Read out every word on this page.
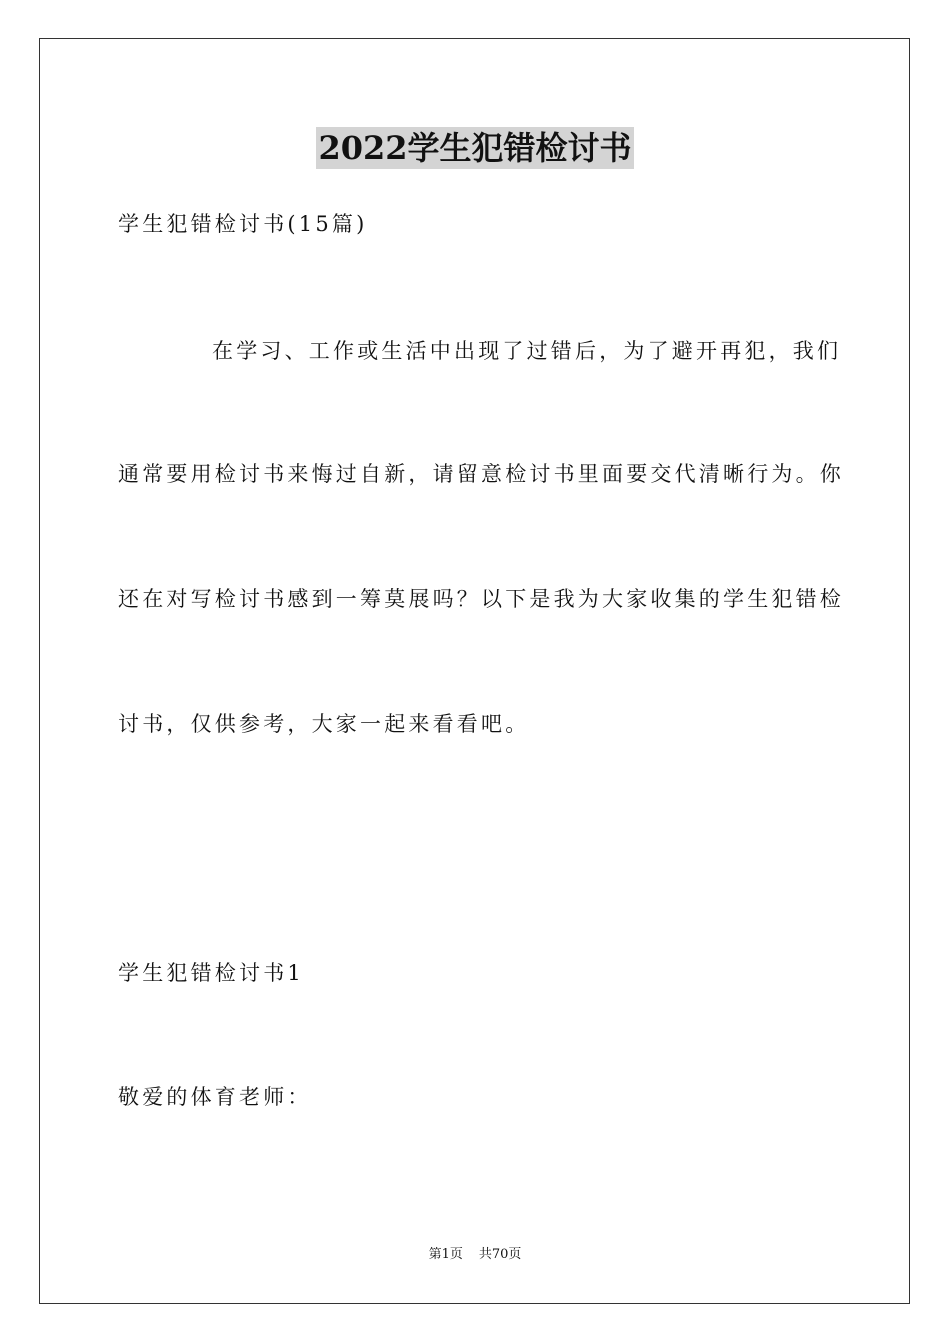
2022学生犯错检讨书
学生犯错检讨书(15篇)
在学习、工作或生活中出现了过错后，为了避开再犯，我们
通常要用检讨书来悔过自新，请留意检讨书里面要交代清晰行为。你
还在对写检讨书感到一筹莫展吗？以下是我为大家收集的学生犯错检
讨书，仅供参考，大家一起来看看吧。
学生犯错检讨书1
敬爱的体育老师：
第1页 共70页
